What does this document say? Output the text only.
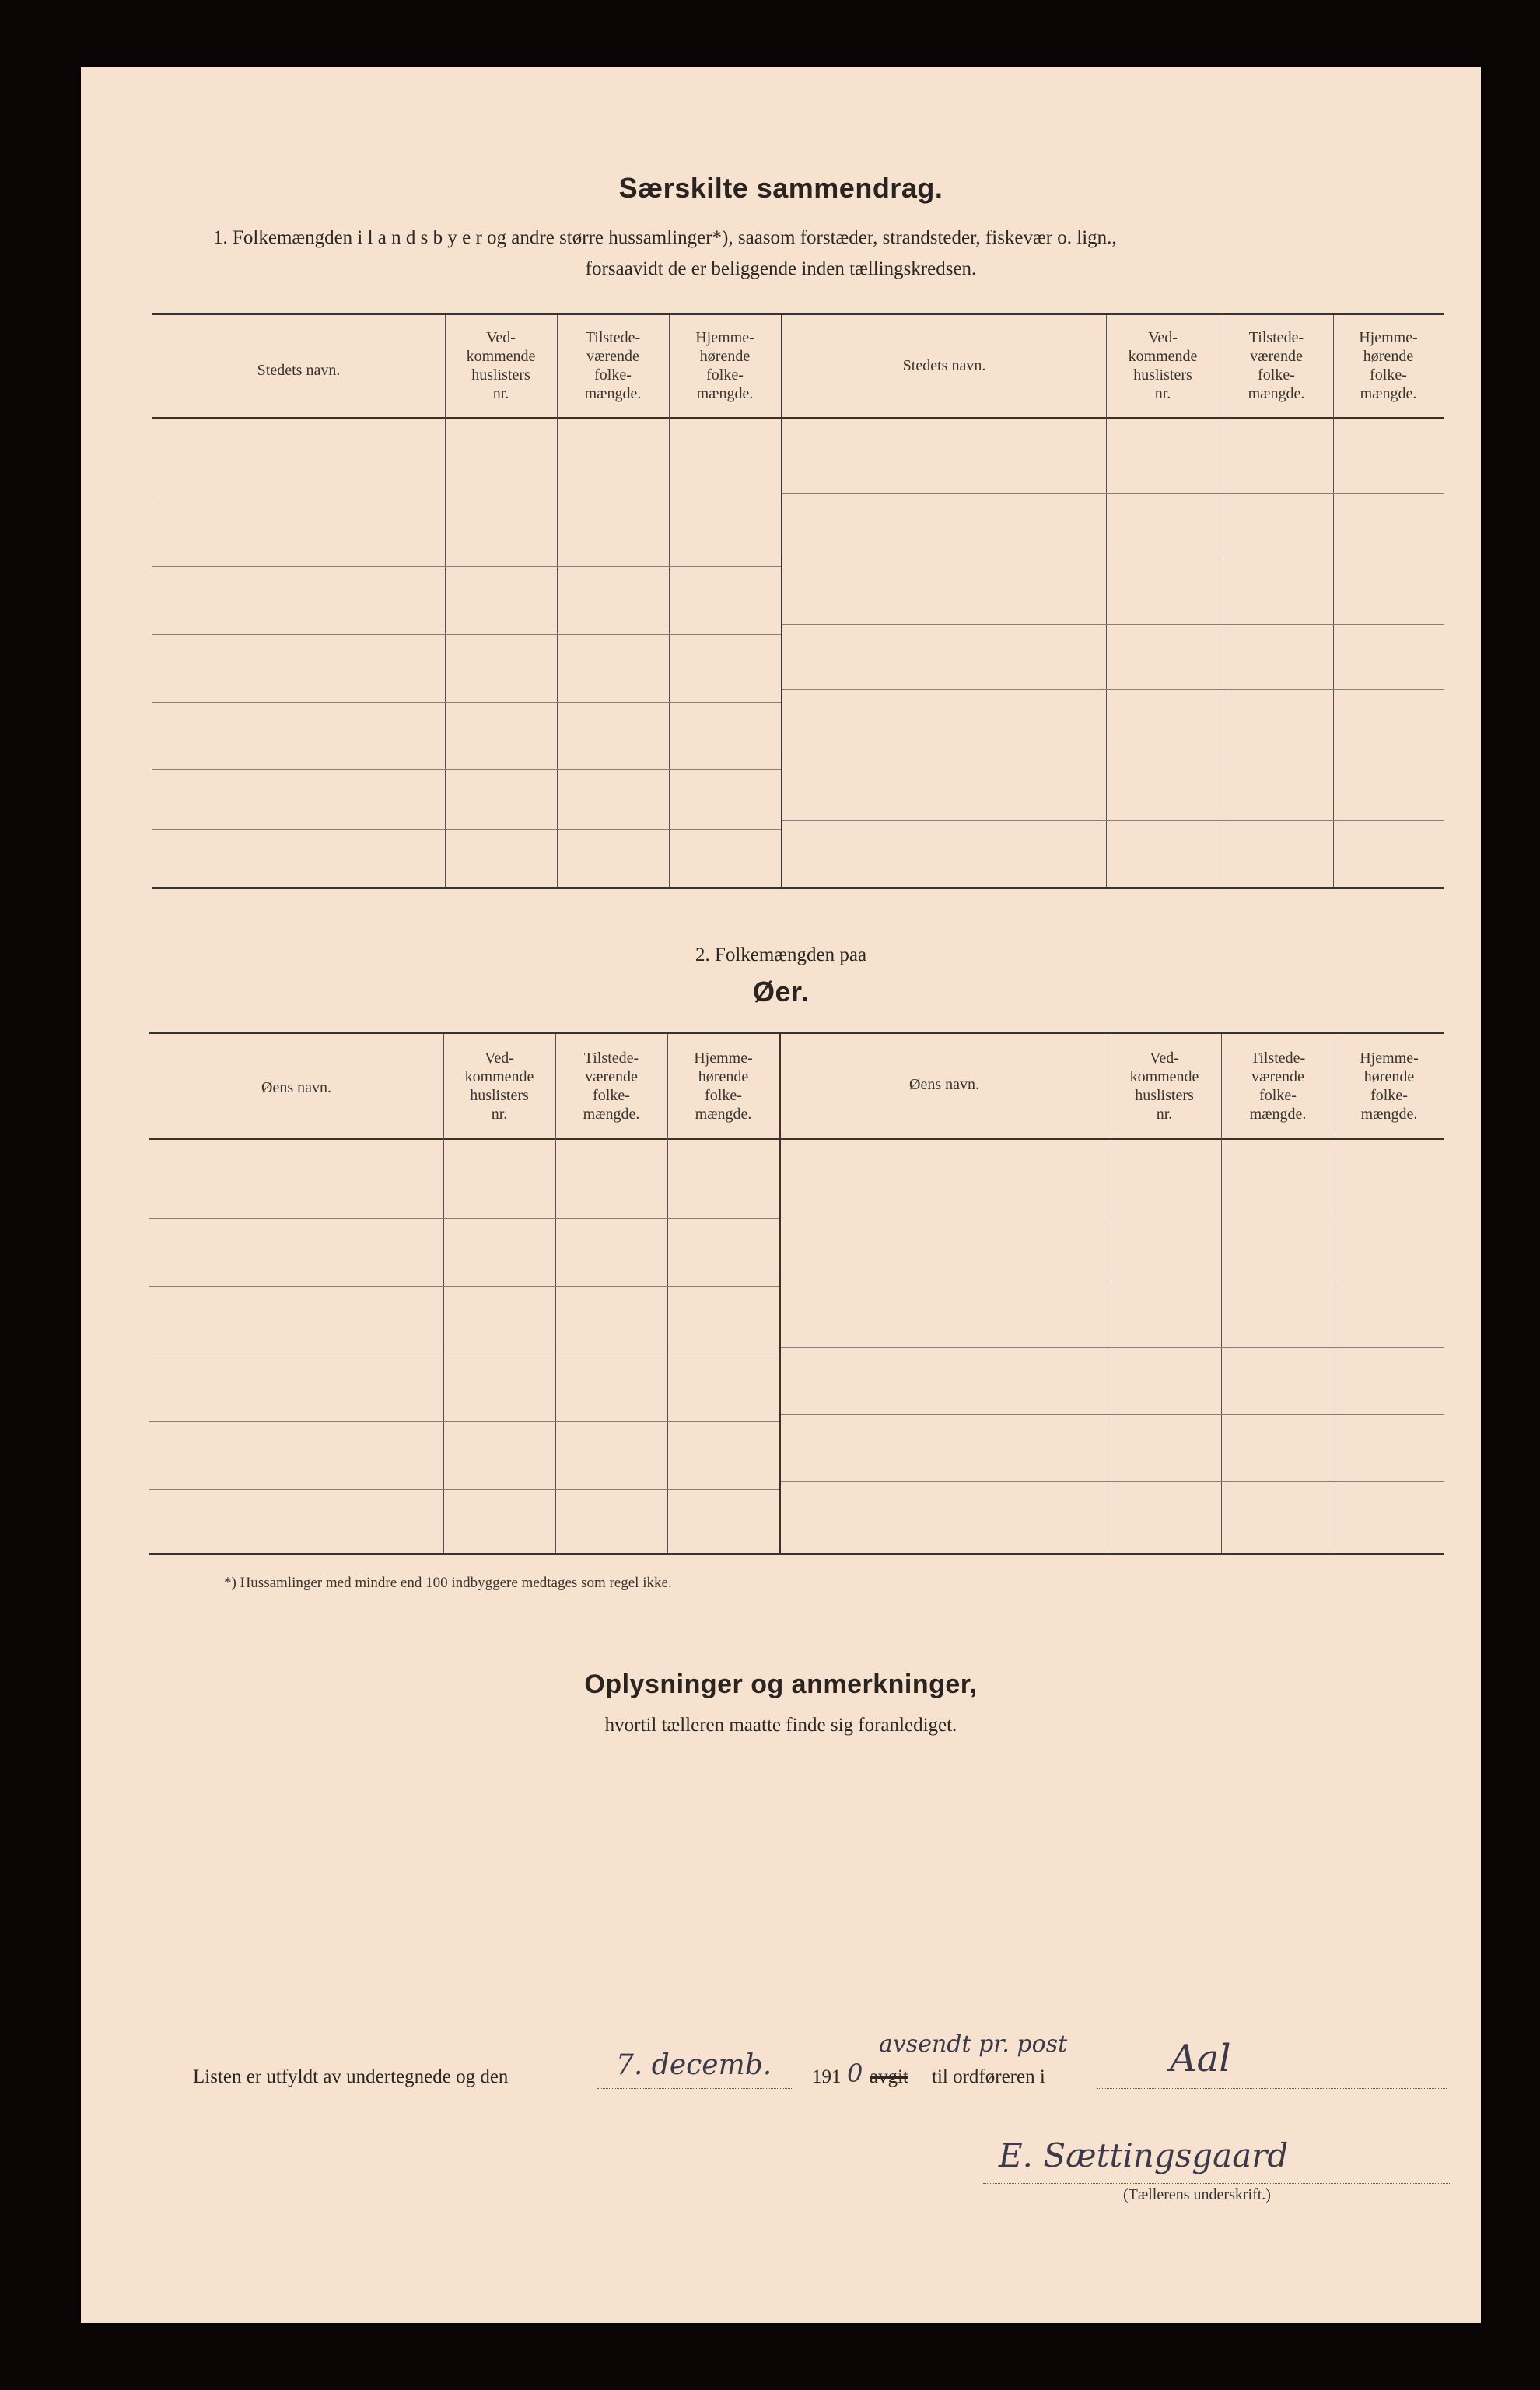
Særskilte sammendrag.
1. Folkemængden i l a n d s b y e r og andre større hussamlinger*), saasom forstæder, strandsteder, fiskevær o. lign.,
forsaavidt de er beliggende inden tællingskredsen.
Stedets navn.
Ved-
kommende
huslisters
nr.
Tilstede-
værende
folke-
mængde.
Hjemme-
hørende
folke-
mængde.
Stedets navn.
Ved-
kommende
huslisters
nr.
Tilstede-
værende
folke-
mængde.
Hjemme-
hørende
folke-
mængde.
2. Folkemængden paa
Øer.
Øens navn.
Ved-
kommende
huslisters
nr.
Tilstede-
værende
folke-
mængde.
Hjemme-
hørende
folke-
mængde.
Øens navn.
Ved-
kommende
huslisters
nr.
Tilstede-
værende
folke-
mængde.
Hjemme-
hørende
folke-
mængde.
*) Hussamlinger med mindre end 100 indbyggere medtages som regel ikke.
Oplysninger og anmerkninger,
hvortil tælleren maatte finde sig foranlediget.
Listen er utfyldt av undertegnede og den	7. decemb. 191 0
avsendt pr. post
avgit til ordføreren i	Aal
E. Sættingsgaard
(Tællerens underskrift.)
